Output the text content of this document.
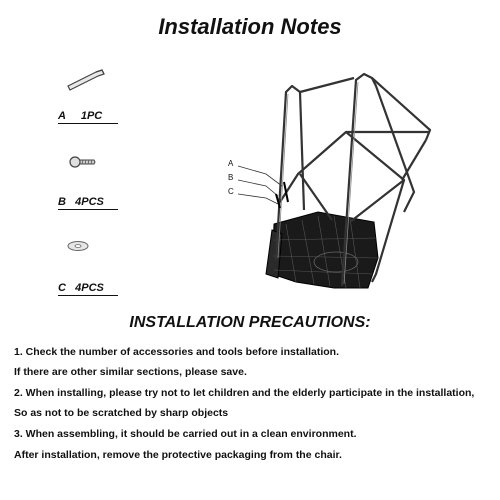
Installation Notes
A 1PC
B 4PCS
C 4PCS
A
B
C
INSTALLATION PRECAUTIONS:
1. Check the number of accessories and tools before installation.
If there are other similar sections, please save.
2. When installing, please try not to let children and the elderly participate in the installation,
So as not to be scratched by sharp objects
3. When assembling, it should be carried out in a clean environment.
After installation, remove the protective packaging from the chair.
